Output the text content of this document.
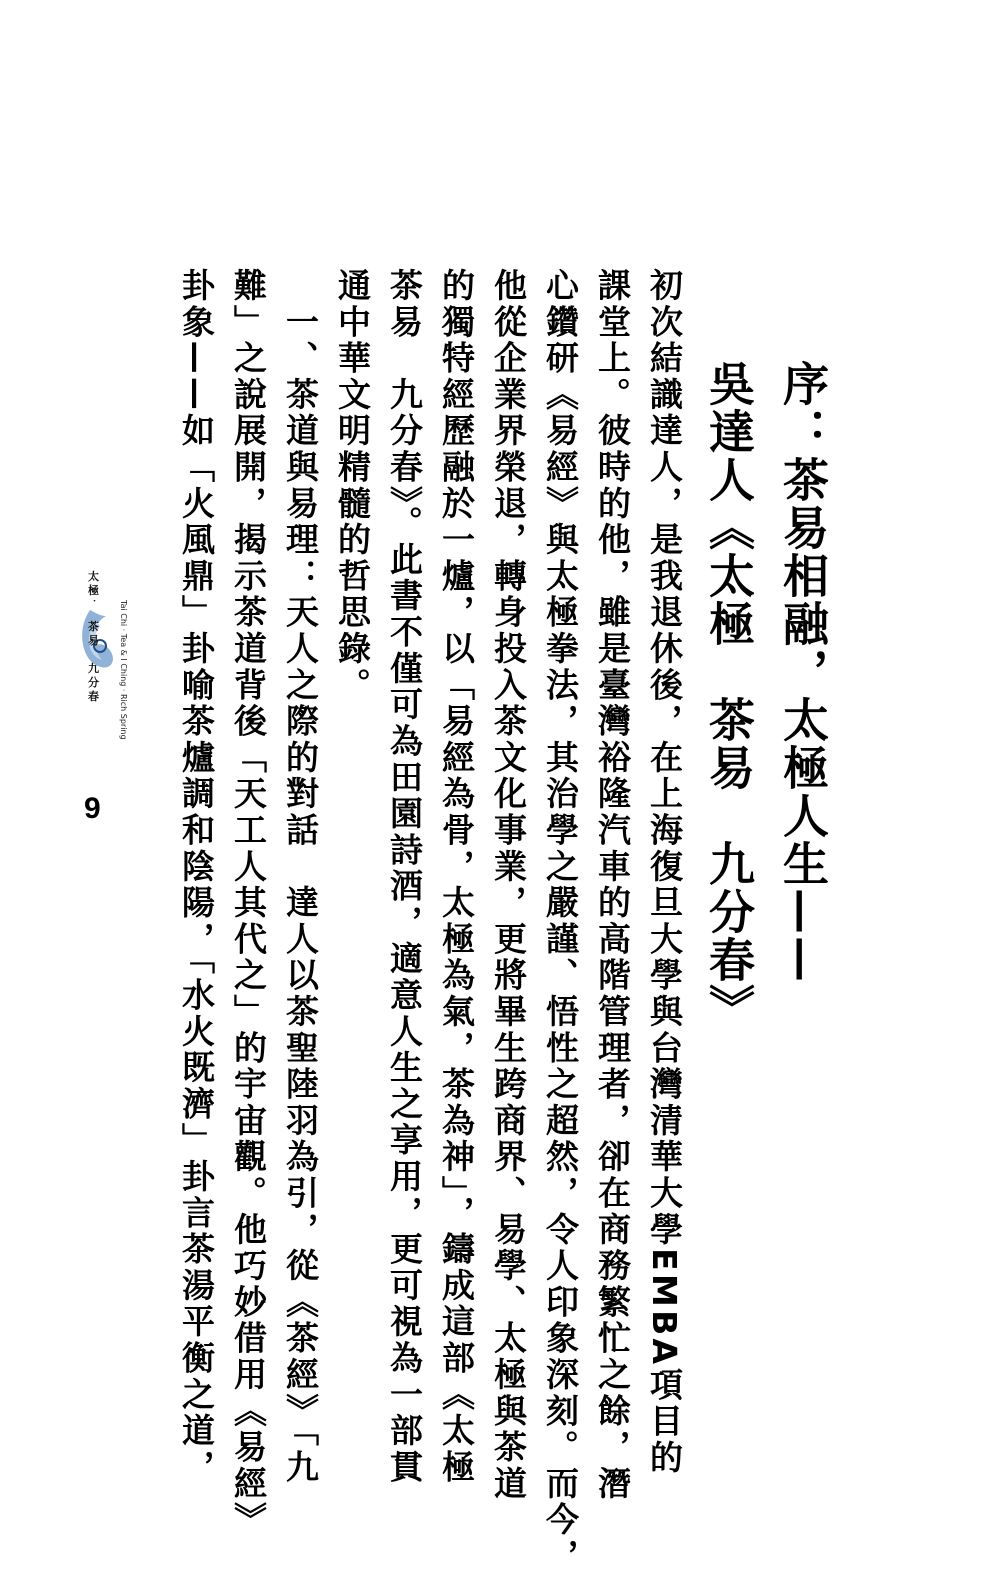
序：茶易相融，太極人生——
吳達人《太極　茶易　九分春》
初次結識達人，是我退休後，在上海復旦大學與台灣清華大學EMBA項目的
課堂上。彼時的他，雖是臺灣裕隆汽車的高階管理者，卻在商務繁忙之餘，潛
心鑽研《易經》與太極拳法，其治學之嚴謹、悟性之超然，令人印象深刻。而今，
他從企業界榮退，轉身投入茶文化事業，更將畢生跨商界、易學、太極與茶道
的獨特經歷融於一爐，以「易經為骨，太極為氣，茶為神」，鑄成這部《太極
茶易　九分春》。此書不僅可為田園詩酒，適意人生之享用，更可視為一部貫
通中華文明精髓的哲思錄。
　一、茶道與易理：天人之際的對話　達人以茶聖陸羽為引，從《茶經》「九
難」之說展開，揭示茶道背後「天工人其代之」的宇宙觀。他巧妙借用《易經》
卦象——如「火風鼎」卦喻茶爐調和陰陽，「水火既濟」卦言茶湯平衡之道，
太
極
・
茶
易
九
分
春	Tai Chi · Tea & I Ching · Rich Spring
9
